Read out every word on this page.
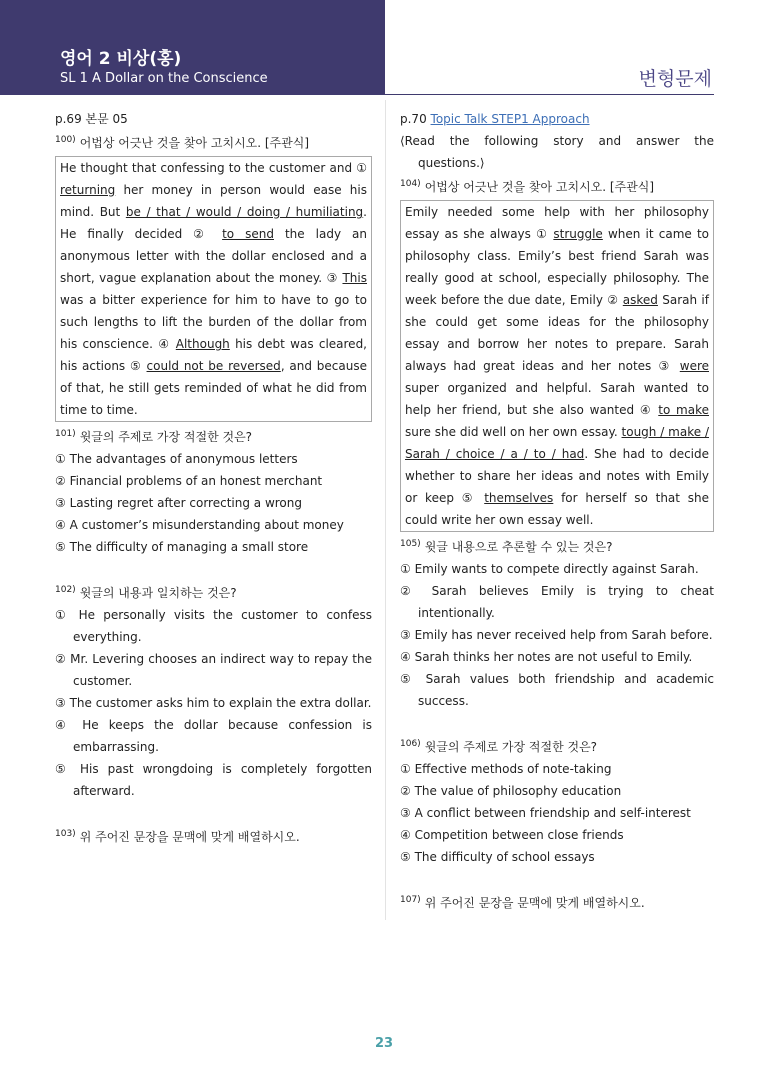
영어 2 비상(홍)
SL 1 A Dollar on the Conscience	변형문제
p.69 본문 05
$^{100)}$ 어법상 어긋난 것을 찾아 고치시오. [주관식]
He thought that confessing to the customer and ① returning her money in person would ease his mind. But be / that / would / doing / humiliating. He finally decided ② to send the lady an anonymous letter with the dollar enclosed and a short, vague explanation about the money. ③ This was a bitter experience for him to have to go to such lengths to lift the burden of the dollar from his conscience. ④ Although his debt was cleared, his actions ⑤ could not be reversed, and because of that, he still gets reminded of what he did from time to time.
$^{101)}$ 윗글의 주제로 가장 적절한 것은?
① The advantages of anonymous letters
② Financial problems of an honest merchant
③ Lasting regret after correcting a wrong
④ A customer’s misunderstanding about money
⑤ The difficulty of managing a small store
$^{102)}$ 윗글의 내용과 일치하는 것은?
① He personally visits the customer to confess everything.
② Mr. Levering chooses an indirect way to repay the customer.
③ The customer asks him to explain the extra dollar.
④ He keeps the dollar because confession is embarrassing.
⑤ His past wrongdoing is completely forgotten afterward.
$^{103)}$ 위 주어진 문장을 문맥에 맞게 배열하시오.
p.70 Topic Talk STEP1 Approach
⟨Read the following story and answer the questions.⟩
$^{104)}$ 어법상 어긋난 것을 찾아 고치시오. [주관식]
Emily needed some help with her philosophy essay as she always ① struggle when it came to philosophy class. Emily’s best friend Sarah was really good at school, especially philosophy. The week before the due date, Emily ② asked Sarah if she could get some ideas for the philosophy essay and borrow her notes to prepare. Sarah always had great ideas and her notes ③ were super organized and helpful. Sarah wanted to help her friend, but she also wanted ④ to make sure she did well on her own essay. tough / make / Sarah / choice / a / to / had. She had to decide whether to share her ideas and notes with Emily or keep ⑤ themselves for herself so that she could write her own essay well.
$^{105)}$ 윗글 내용으로 추론할 수 있는 것은?
① Emily wants to compete directly against Sarah.
② Sarah believes Emily is trying to cheat intentionally.
③ Emily has never received help from Sarah before.
④ Sarah thinks her notes are not useful to Emily.
⑤ Sarah values both friendship and academic success.
$^{106)}$ 윗글의 주제로 가장 적절한 것은?
① Effective methods of note-taking
② The value of philosophy education
③ A conflict between friendship and self-interest
④ Competition between close friends
⑤ The difficulty of school essays
$^{107)}$ 위 주어진 문장을 문맥에 맞게 배열하시오.
23
